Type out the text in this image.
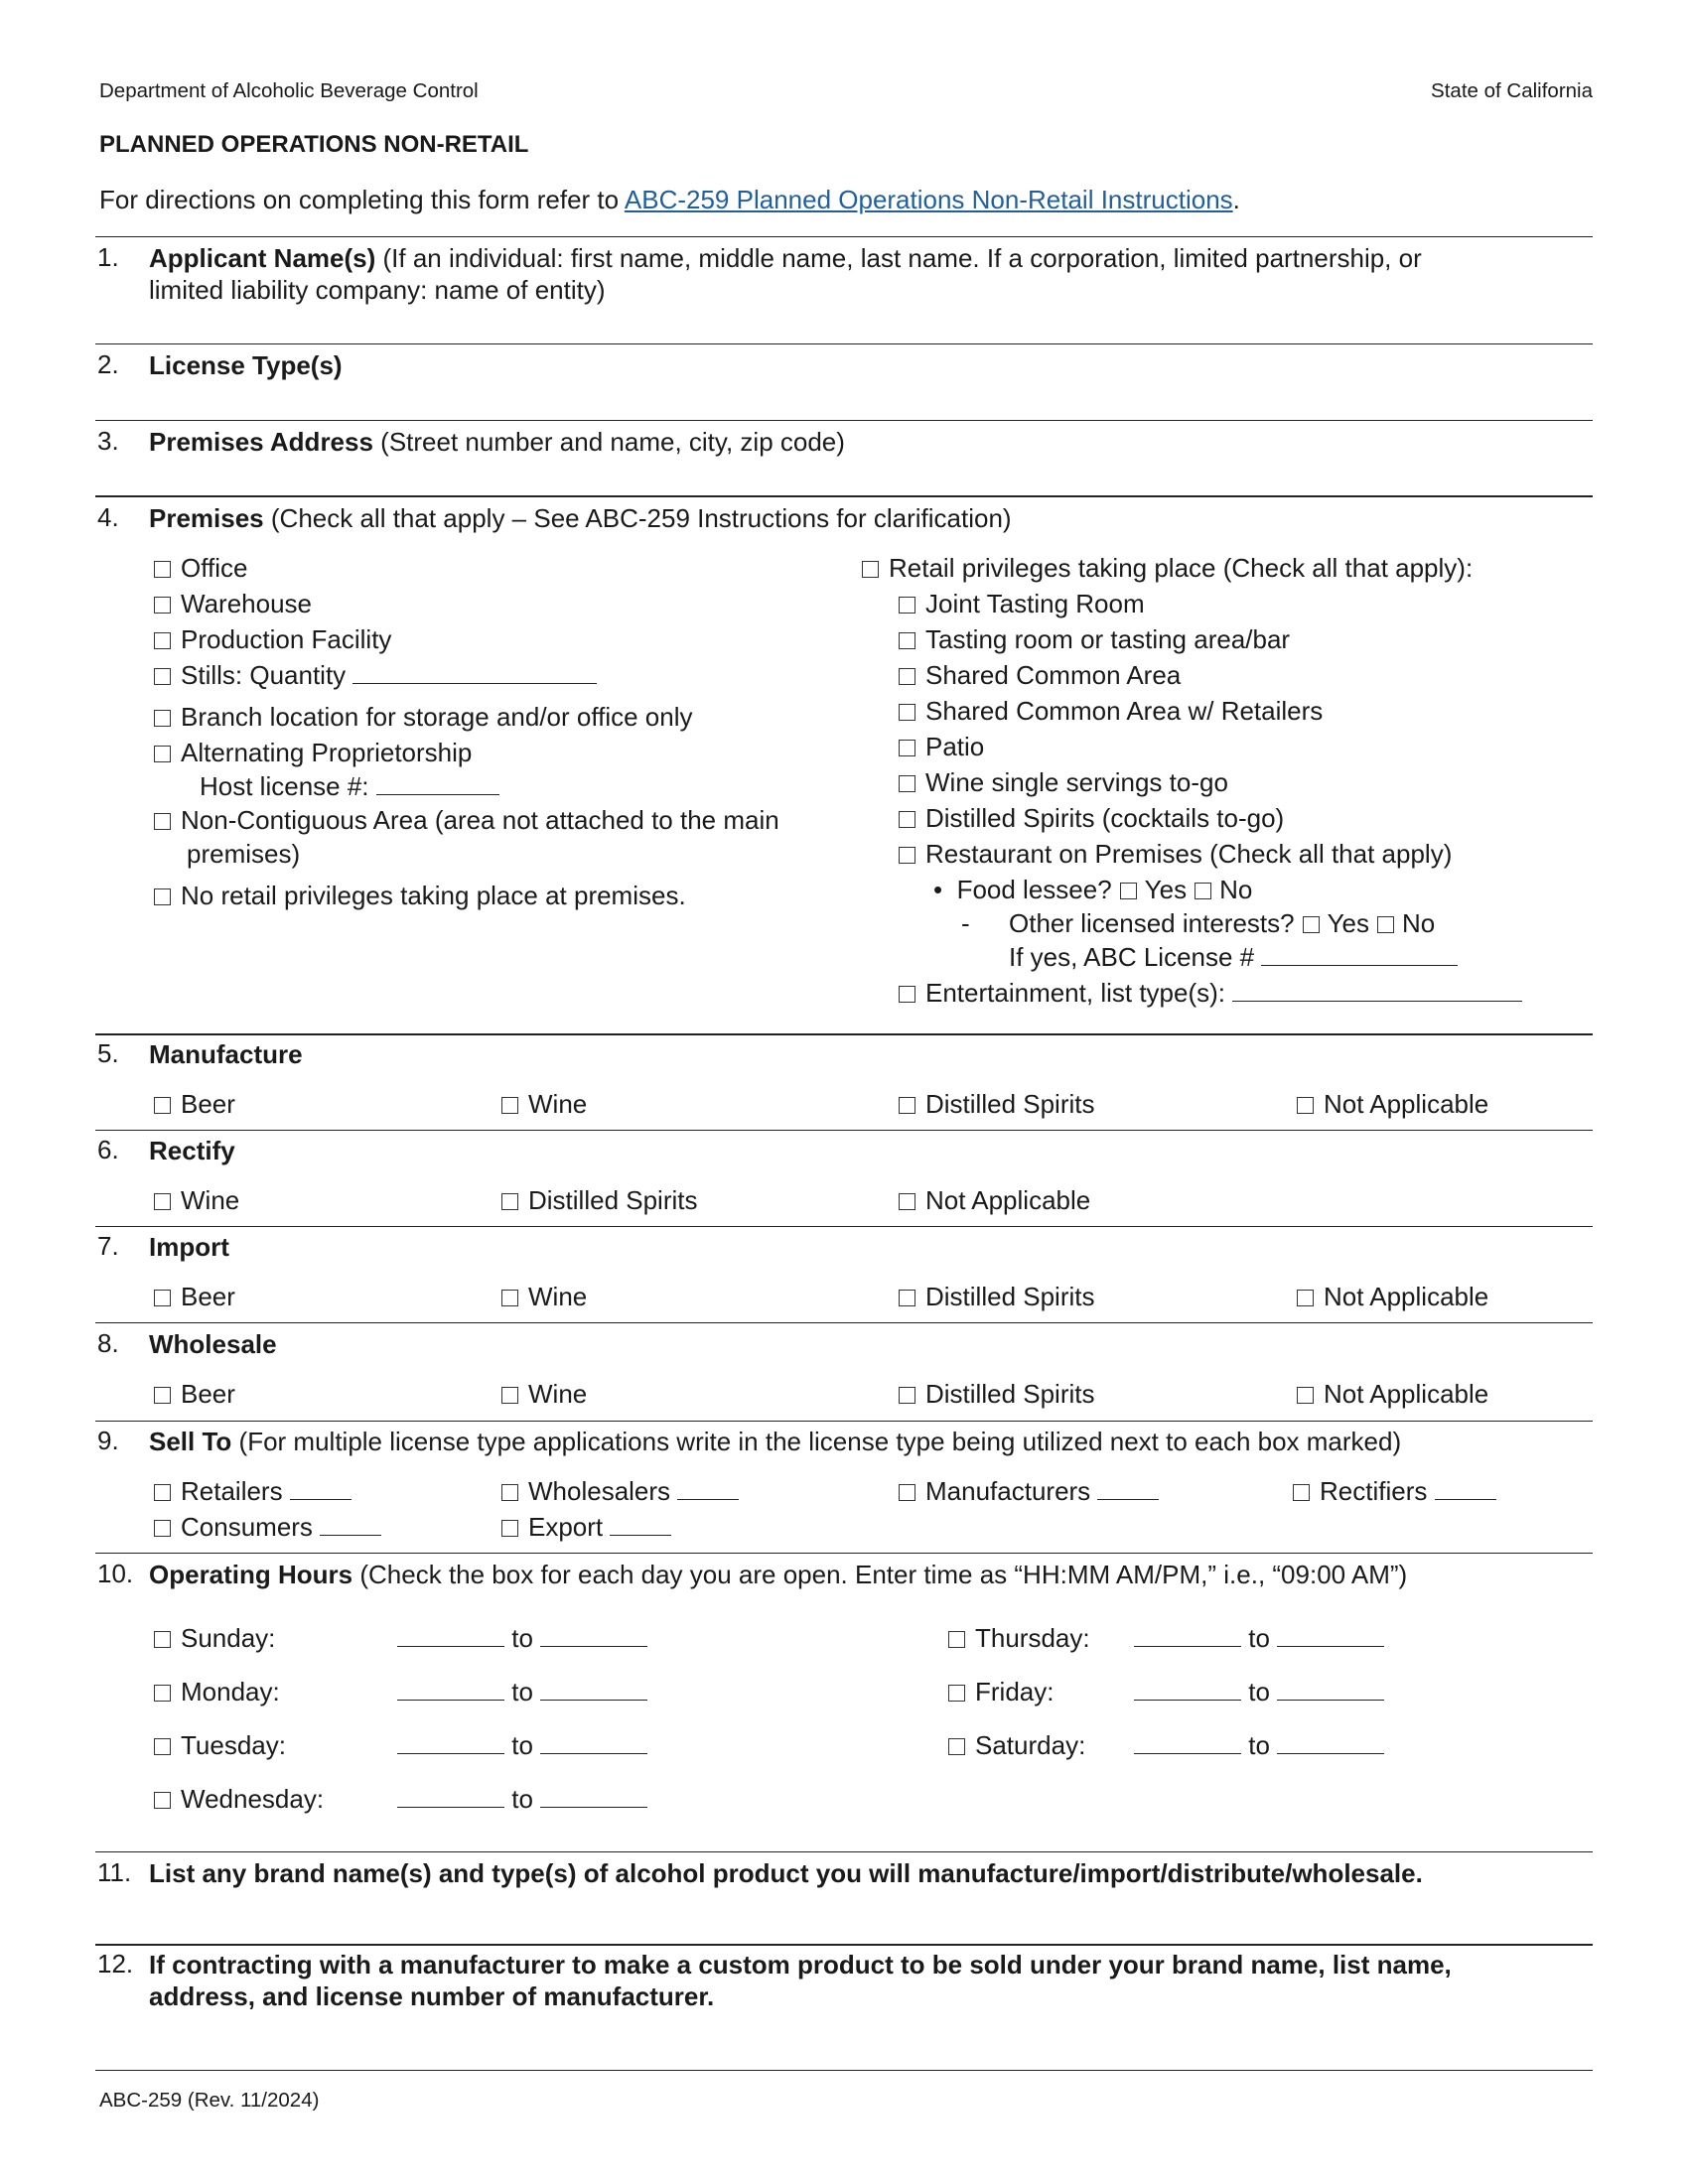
Department of Alcoholic Beverage Control	State of California
PLANNED OPERATIONS NON-RETAIL
For directions on completing this form refer to ABC-259 Planned Operations Non-Retail Instructions.
1. Applicant Name(s) (If an individual: first name, middle name, last name. If a corporation, limited partnership, or
limited liability company: name of entity)
2. License Type(s)
3. Premises Address (Street number and name, city, zip code)
4. Premises (Check all that apply – See ABC-259 Instructions for clarification)
Office
Warehouse
Production Facility
Stills: Quantity
Branch location for storage and/or office only
Alternating Proprietorship
Host license #:
Non-Contiguous Area (area not attached to the main
premises)
No retail privileges taking place at premises.
Retail privileges taking place (Check all that apply):
Joint Tasting Room
Tasting room or tasting area/bar
Shared Common Area
Shared Common Area w/ Retailers
Patio
Wine single servings to-go
Distilled Spirits (cocktails to-go)
Restaurant on Premises (Check all that apply)
• Food lessee? Yes No
- Other licensed interests? Yes No
If yes, ABC License #
Entertainment, list type(s):
5. Manufacture
Beer	Wine	Distilled Spirits	Not Applicable
6. Rectify
Wine	Distilled Spirits	Not Applicable
7. Import
Beer	Wine	Distilled Spirits	Not Applicable
8. Wholesale
Beer	Wine	Distilled Spirits	Not Applicable
9. Sell To (For multiple license type applications write in the license type being utilized next to each box marked)
Retailers	Wholesalers	Manufacturers	Rectifiers
Consumers	Export
10. Operating Hours (Check the box for each day you are open. Enter time as “HH:MM AM/PM,” i.e., “09:00 AM”)
Sunday:	to
Monday:	to
Tuesday:	to
Wednesday:	to
Thursday:	to
Friday:	to
Saturday:	to
11. List any brand name(s) and type(s) of alcohol product you will manufacture/import/distribute/wholesale.
12. If contracting with a manufacturer to make a custom product to be sold under your brand name, list name,
address, and license number of manufacturer.
ABC-259 (Rev. 11/2024)
